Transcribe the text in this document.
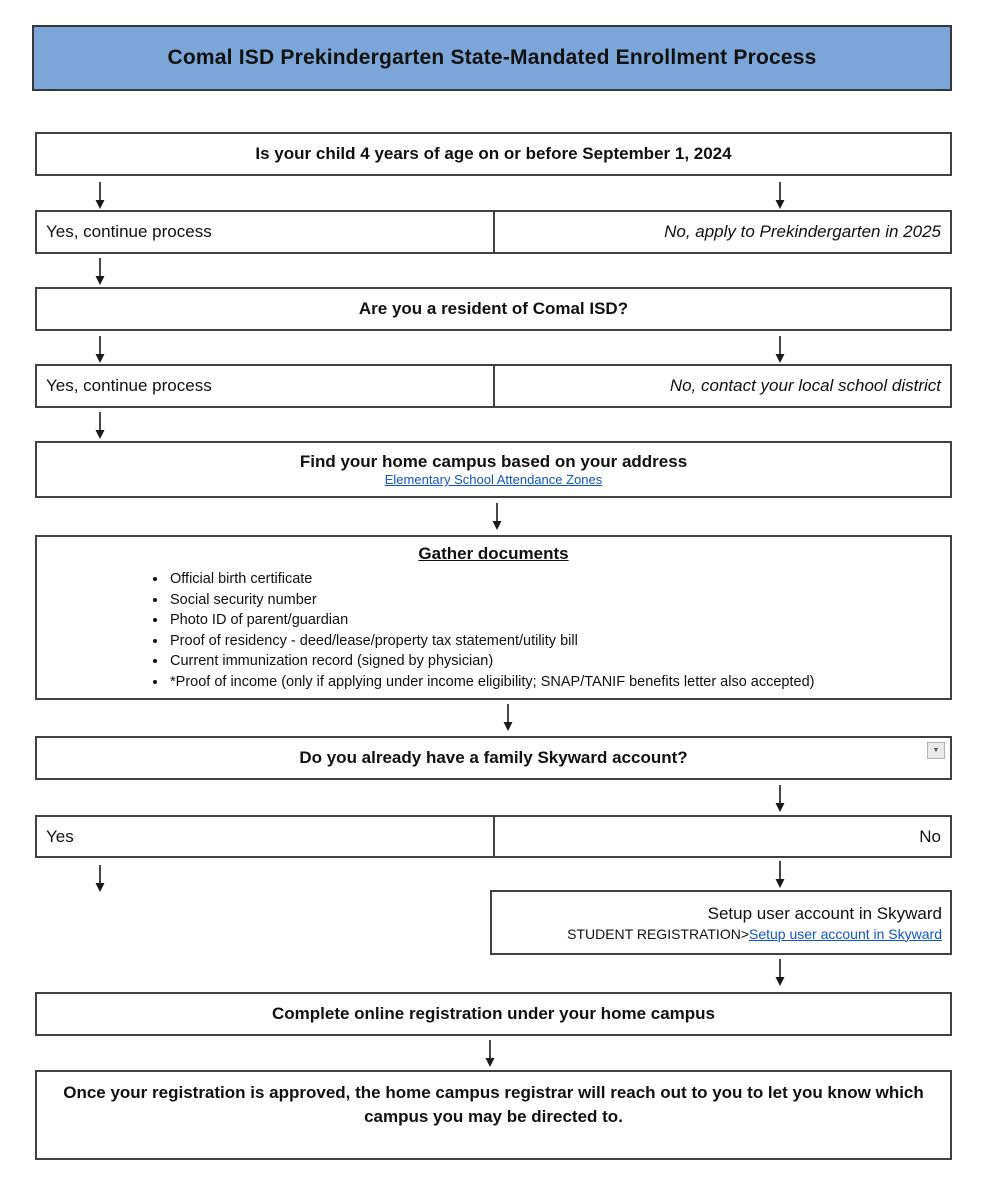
Comal ISD Prekindergarten State-Mandated Enrollment Process
Is your child 4 years of age on or before September 1, 2024
Yes, continue process	No, apply to Prekindergarten in 2025
Are you a resident of Comal ISD?
Yes, continue process	No, contact your local school district
Find your home campus based on your address
Elementary School Attendance Zones
Gather documents
• Official birth certificate
• Social security number
• Photo ID of parent/guardian
• Proof of residency - deed/lease/property tax statement/utility bill
• Current immunization record (signed by physician)
• *Proof of income (only if applying under income eligibility; SNAP/TANIF benefits letter also accepted)
Do you already have a family Skyward account?	▼
Yes	No
Setup user account in Skyward
STUDENT REGISTRATION>Setup user account in Skyward
Complete online registration under your home campus
Once your registration is approved, the home campus registrar will reach out to you to let you know which campus you may be directed to.
